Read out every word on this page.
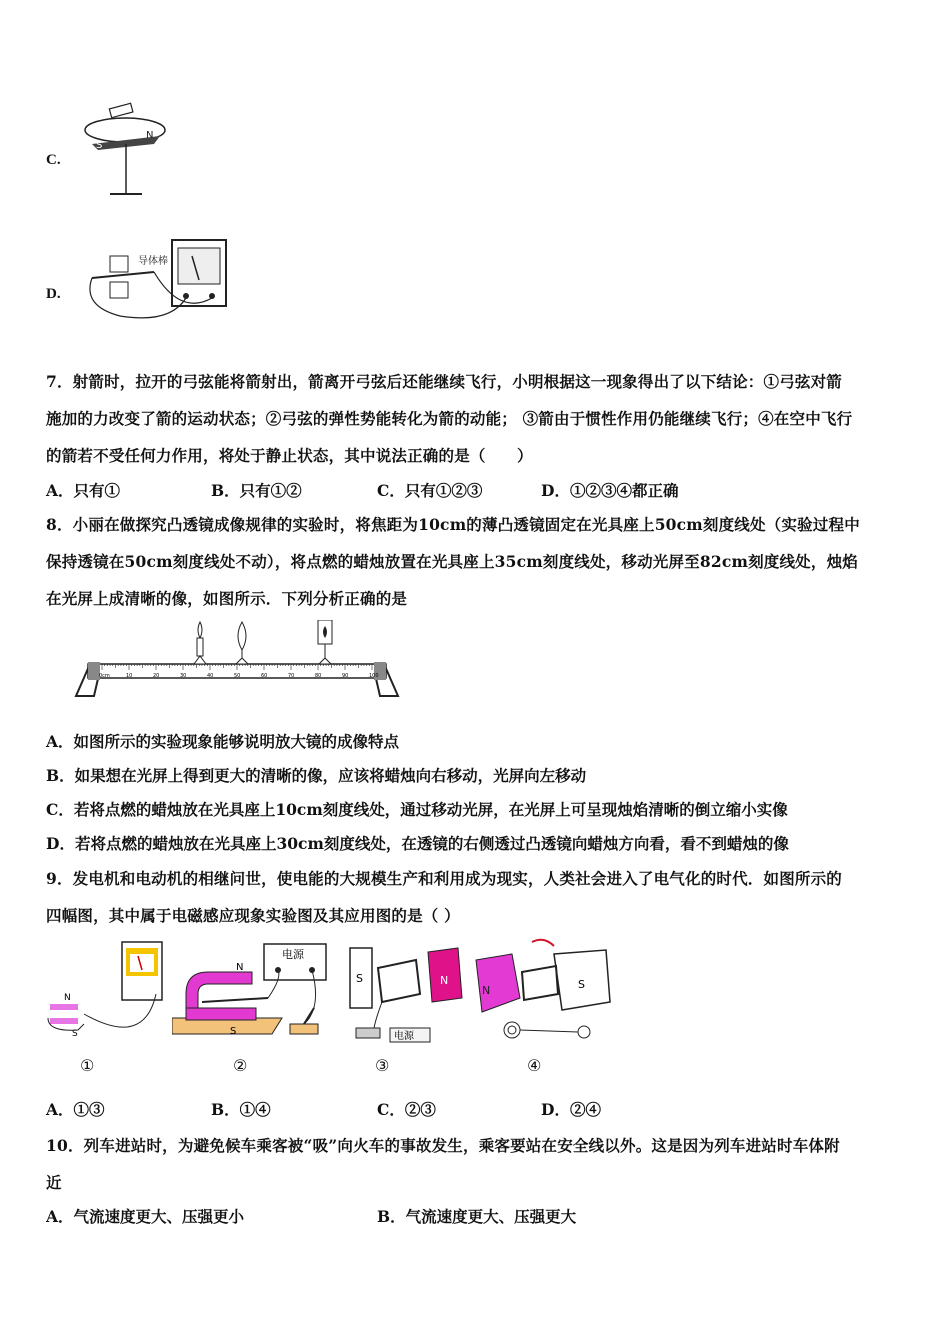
C.
S
N
D.
导体棒
7．射箭时，拉开的弓弦能将箭射出，箭离开弓弦后还能继续飞行，小明根据这一现象得出了以下结论：①弓弦对箭
施加的力改变了箭的运动状态；②弓弦的弹性势能转化为箭的动能； ③箭由于惯性作用仍能继续飞行；④在空中飞行
的箭若不受任何力作用，将处于静止状态，其中说法正确的是（　　）
A．只有①	B．只有①②	C．只有①②③	D．①②③④都正确
8．小丽在做探究凸透镜成像规律的实验时，将焦距为10cm的薄凸透镜固定在光具座上50cm刻度线处（实验过程中
保持透镜在50cm刻度线处不动），将点燃的蜡烛放置在光具座上35cm刻度线处，移动光屏至82cm刻度线处，烛焰
在光屏上成清晰的像，如图所示．下列分析正确的是
0cm	10	20	30	40	50	60	70	80	90	100
A．如图所示的实验现象能够说明放大镜的成像特点
B．如果想在光屏上得到更大的清晰的像，应该将蜡烛向右移动，光屏向左移动
C．若将点燃的蜡烛放在光具座上10cm刻度线处，通过移动光屏，在光屏上可呈现烛焰清晰的倒立缩小实像
D．若将点燃的蜡烛放在光具座上30cm刻度线处，在透镜的右侧透过凸透镜向蜡烛方向看，看不到蜡烛的像
9．发电机和电动机的相继问世，使电能的大规模生产和利用成为现实，人类社会进入了电气化的时代．如图所示的
四幅图，其中属于电磁感应现象实验图及其应用图的是（ ）
N
S
电源
N
S
S	N
电源
N	S
①	②	③	④
A．①③	B．①④	C．②③	D．②④
10．列车进站时，为避免候车乘客被“吸”向火车的事故发生，乘客要站在安全线以外。这是因为列车进站时车体附
近
A．气流速度更大、压强更小	B．气流速度更大、压强更大
